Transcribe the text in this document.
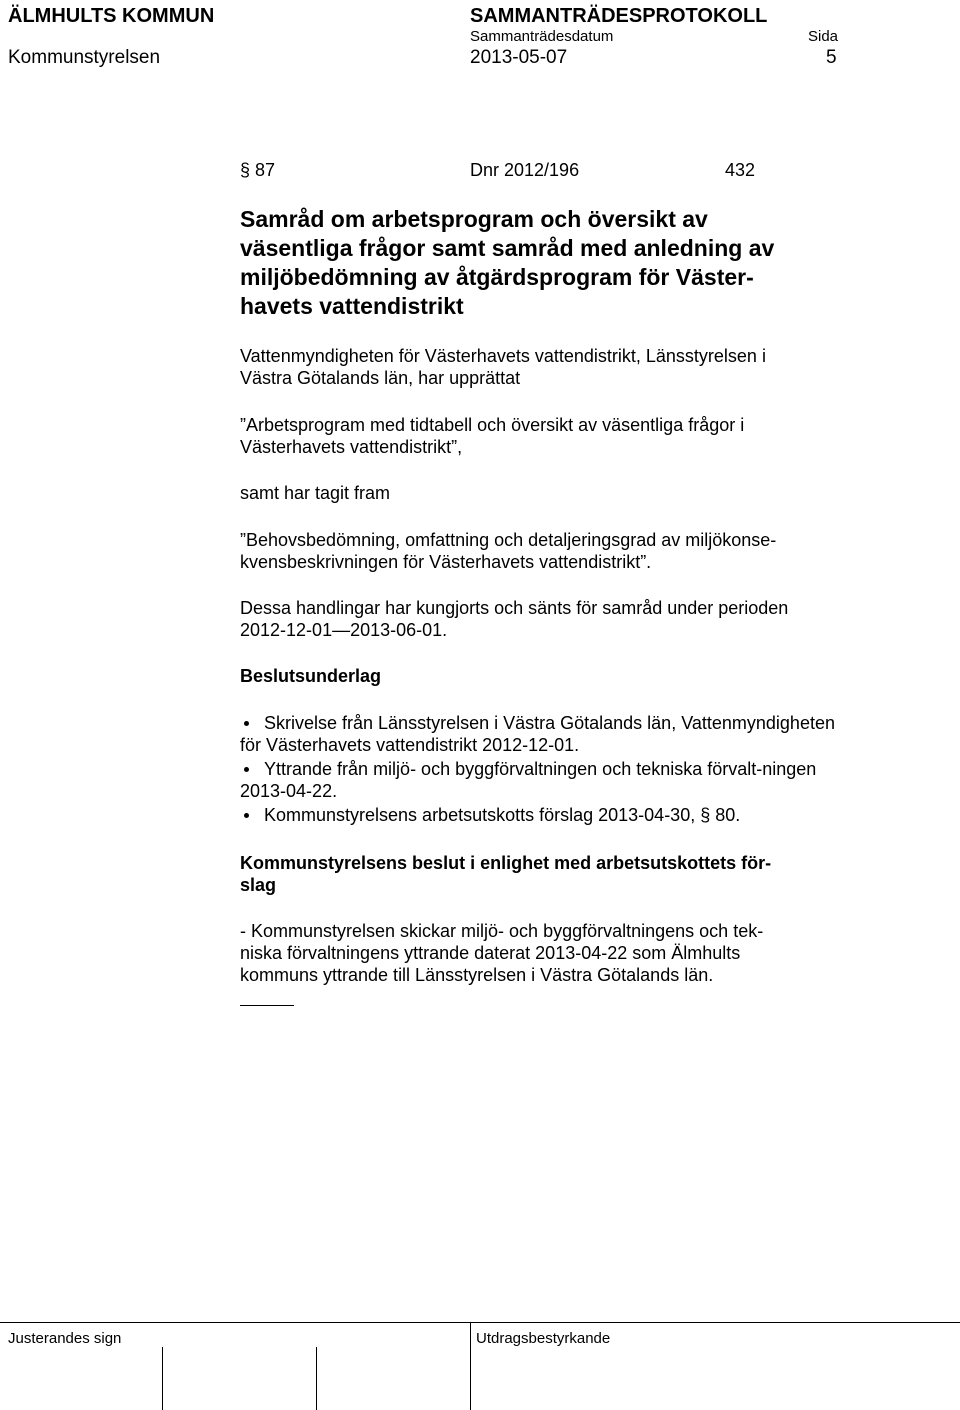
ÄLMHULTS KOMMUN
Kommunstyrelsen
SAMMANTRÄDESPROTOKOLL
Sammanträdesdatum
2013-05-07
Sida
5
§ 87	Dnr 2012/196	432
Samråd om arbetsprogram och översikt av
väsentliga frågor samt samråd med anledning av
miljöbedömning av åtgärdsprogram för Väster-
havets vattendistrikt
Vattenmyndigheten för Västerhavets vattendistrikt, Länsstyrelsen i
Västra Götalands län, har upprättat
”Arbetsprogram med tidtabell och översikt av väsentliga frågor i
Västerhavets vattendistrikt”,
samt har tagit fram
”Behovsbedömning, omfattning och detaljeringsgrad av miljökonse-
kvensbeskrivningen för Västerhavets vattendistrikt”.
Dessa handlingar har kungjorts och sänts för samråd under perioden
2012-12-01—2013-06-01.
Beslutsunderlag
Skrivelse från Länsstyrelsen i Västra Götalands län, Vattenmyndigheten för Västerhavets vattendistrikt 2012-12-01.
Yttrande från miljö- och byggförvaltningen och tekniska förvalt-ningen 2013-04-22.
Kommunstyrelsens arbetsutskotts förslag 2013-04-30, § 80.
Kommunstyrelsens beslut i enlighet med arbetsutskottets för-
slag
- Kommunstyrelsen skickar miljö- och byggförvaltningens och tek-
niska förvaltningens yttrande daterat 2013-04-22 som Älmhults
kommuns yttrande till Länsstyrelsen i Västra Götalands län.
Justerandes sign	Utdragsbestyrkande
